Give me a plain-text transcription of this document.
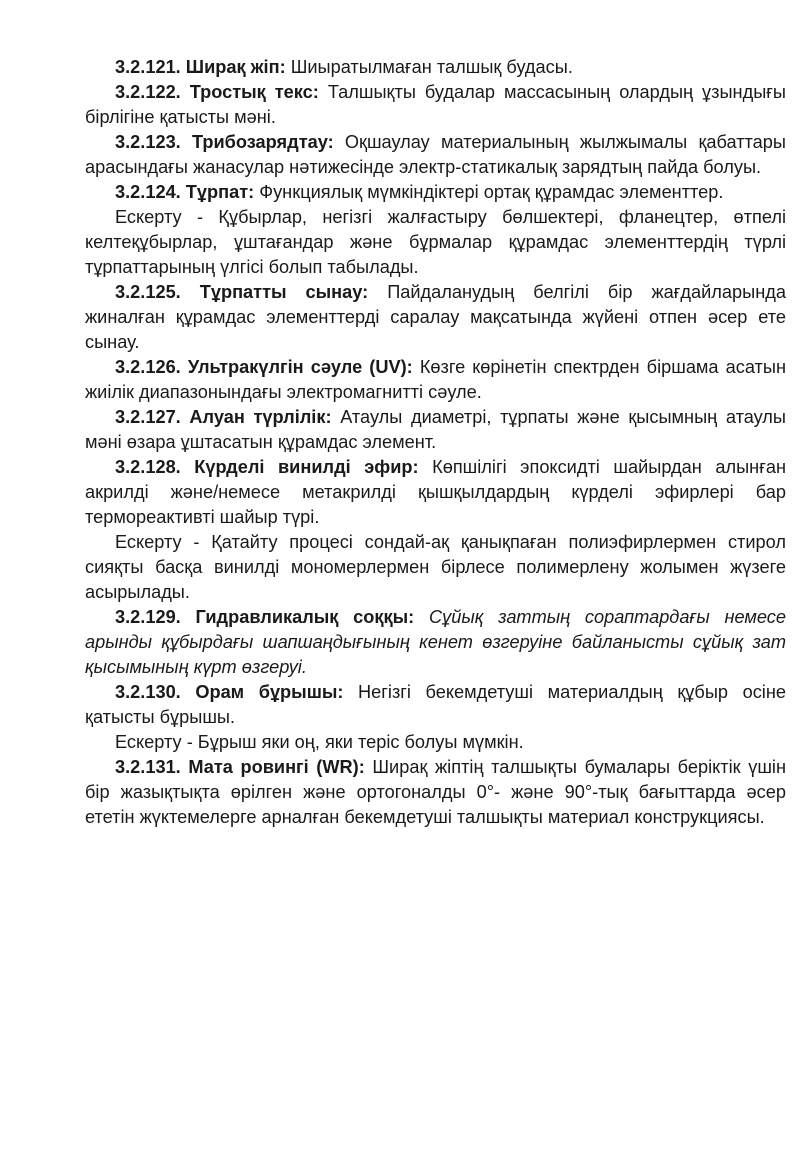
3.2.121. Ширақ жіп: Шиыратылмаған талшық будасы.

3.2.122. Тростық текс: Талшықты будалар массасының олардың ұзындығы бірлігіне қатысты мәні.

3.2.123. Трибозарядтау: Оқшаулау материалының жылжымалы қабаттары арасындағы жанасулар нәтижесінде электр-статикалық зарядтың пайда болуы.

3.2.124. Тұрпат: Функциялық мүмкіндіктері ортақ құрамдас элементтер.

Ескерту - Құбырлар, негізгі жалғастыру бөлшектері, фланецтер, өтпелі келтеқұбырлар, ұштағандар және бұрмалар құрамдас элементтердің түрлі тұрпаттарының үлгісі болып табылады.

3.2.125. Тұрпатты сынау: Пайдаланудың белгілі бір жағдайларында жиналған құрамдас элементтерді саралау мақсатында жүйені отпен әсер ете сынау.

3.2.126. Ультракүлгін сәуле (UV): Көзге көрінетін спектрден біршама асатын жиілік диапазонындағы электромагнитті сәуле.

3.2.127. Алуан түрлілік: Атаулы диаметрі, тұрпаты және қысымның атаулы мәні өзара ұштасатын құрамдас элемент.

3.2.128. Күрделі винилді эфир: Көпшілігі эпоксидті шайырдан алынған акрилді және/немесе метакрилді қышқылдардың күрделі эфирлері бар термореактивті шайыр түрі.

Ескерту - Қатайту процесі сондай-ақ қанықпаған полиэфирлермен стирол сияқты басқа винилді мономерлермен бірлесе полимерлену жолымен жүзеге асырылады.

3.2.129. Гидравликалық соққы: Сұйық заттың сораптардағы немесе арынды құбырдағы шапшаңдығының кенет өзгеруіне байланысты сұйық зат қысымының күрт өзгеруі.

3.2.130. Орам бұрышы: Негізгі бекемдетуші материалдың құбыр осіне қатысты бұрышы.

Ескерту - Бұрыш яки оң, яки теріс болуы мүмкін.

3.2.131. Мата ровингі (WR): Ширақ жіптің талшықты бумалары беріктік үшін бір жазықтықта өрілген және ортогоналды 0°- және 90°-тық бағыттарда әсер ететін жүктемелерге арналған бекемдетуші талшықты материал конструкциясы.
